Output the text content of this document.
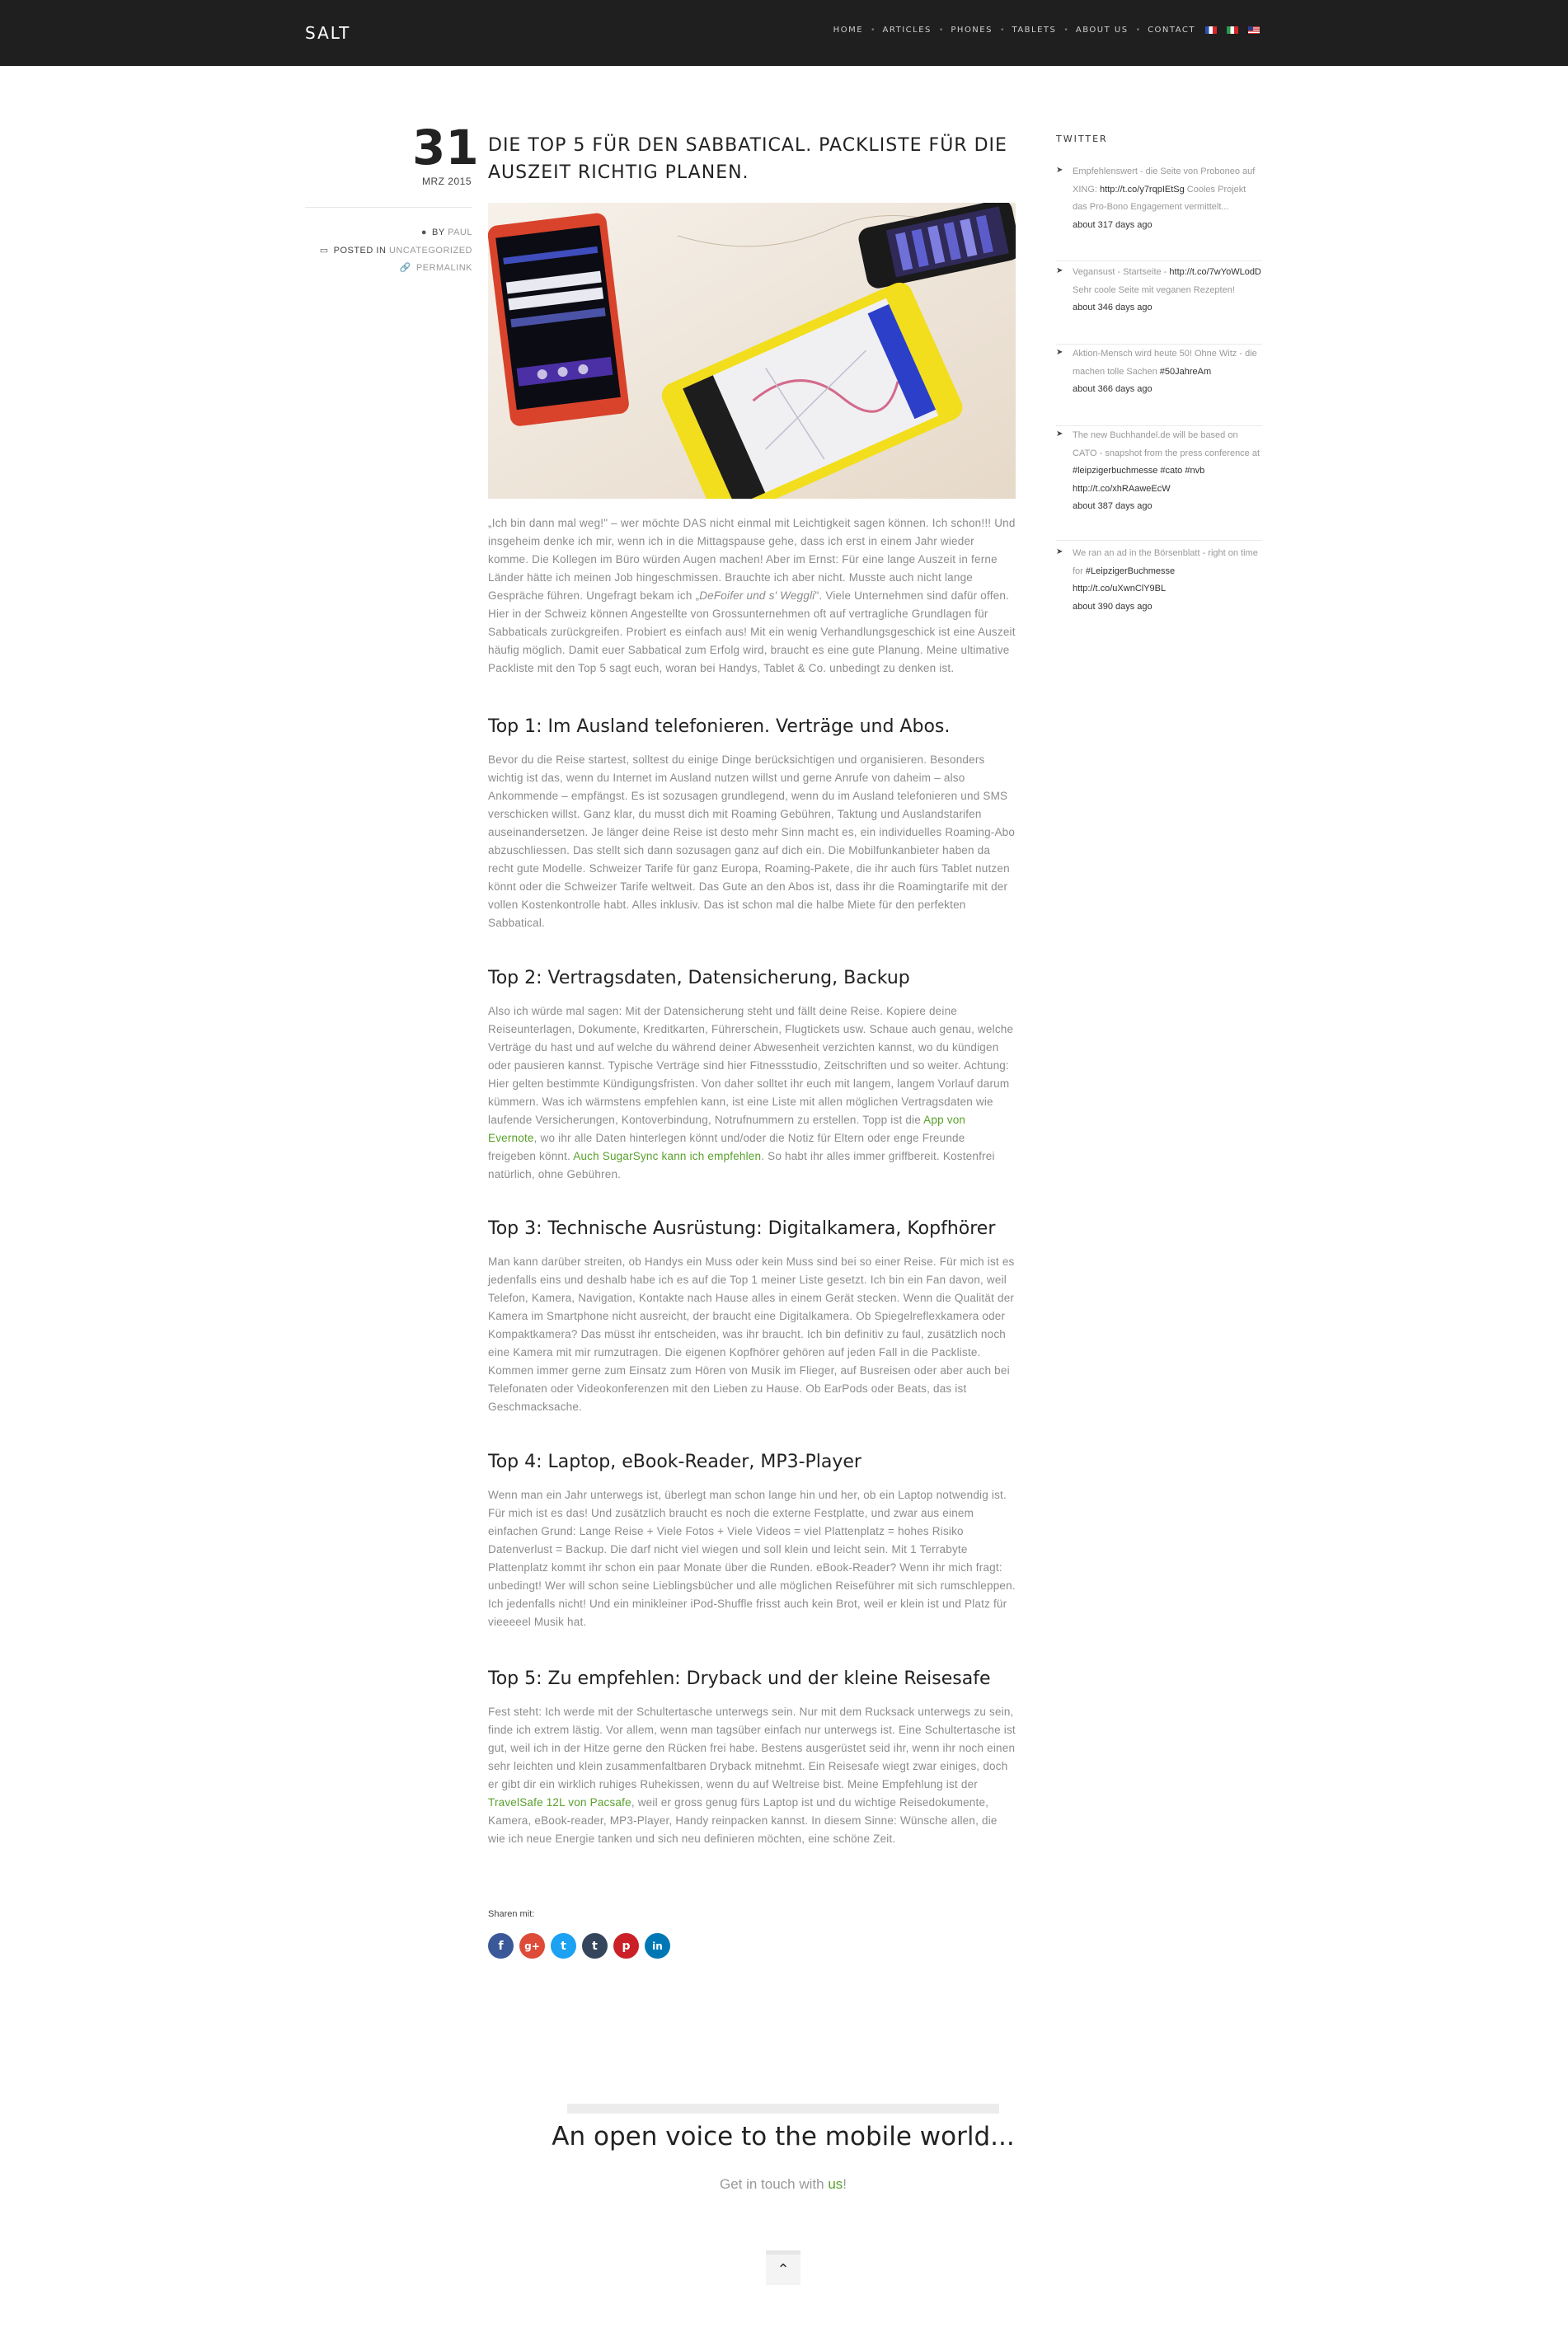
SALT	HOME • ARTICLES • PHONES • TABLETS • ABOUT US • CONTACT
31
MRZ 2015
● BY PAUL
▭ POSTED IN UNCATEGORIZED
🔗 PERMALINK
DIE TOP 5 FÜR DEN SABBATICAL. PACKLISTE FÜR DIE AUSZEIT RICHTIG PLANEN.

„Ich bin dann mal weg!" – wer möchte DAS nicht einmal mit Leichtigkeit sagen können. Ich schon!!! Und insgeheim denke ich mir, wenn ich in die Mittagspause gehe, dass ich erst in einem Jahr wieder komme. Die Kollegen im Büro würden Augen machen! Aber im Ernst: Für eine lange Auszeit in ferne Länder hätte ich meinen Job hingeschmissen. Brauchte ich aber nicht. Musste auch nicht lange Gespräche führen. Ungefragt bekam ich „DeFoifer und s' Weggli". Viele Unternehmen sind dafür offen. Hier in der Schweiz können Angestellte von Grossunternehmen oft auf vertragliche Grundlagen für Sabbaticals zurückgreifen. Probiert es einfach aus! Mit ein wenig Verhandlungsgeschick ist eine Auszeit häufig möglich. Damit euer Sabbatical zum Erfolg wird, braucht es eine gute Planung. Meine ultimative Packliste mit den Top 5 sagt euch, woran bei Handys, Tablet & Co. unbedingt zu denken ist.

Top 1: Im Ausland telefonieren. Verträge und Abos.

Bevor du die Reise startest, solltest du einige Dinge berücksichtigen und organisieren. Besonders wichtig ist das, wenn du Internet im Ausland nutzen willst und gerne Anrufe von daheim – also Ankommende – empfängst. Es ist sozusagen grundlegend, wenn du im Ausland telefonieren und SMS verschicken willst. Ganz klar, du musst dich mit Roaming Gebühren, Taktung und Auslandstarifen auseinandersetzen. Je länger deine Reise ist desto mehr Sinn macht es, ein individuelles Roaming-Abo abzuschliessen. Das stellt sich dann sozusagen ganz auf dich ein. Die Mobilfunkanbieter haben da recht gute Modelle. Schweizer Tarife für ganz Europa, Roaming-Pakete, die ihr auch fürs Tablet nutzen könnt oder die Schweizer Tarife weltweit. Das Gute an den Abos ist, dass ihr die Roamingtarife mit der vollen Kostenkontrolle habt. Alles inklusiv. Das ist schon mal die halbe Miete für den perfekten Sabbatical.

Top 2: Vertragsdaten, Datensicherung, Backup

Also ich würde mal sagen: Mit der Datensicherung steht und fällt deine Reise. Kopiere deine Reiseunterlagen, Dokumente, Kreditkarten, Führerschein, Flugtickets usw. Schaue auch genau, welche Verträge du hast und auf welche du während deiner Abwesenheit verzichten kannst, wo du kündigen oder pausieren kannst. Typische Verträge sind hier Fitnessstudio, Zeitschriften und so weiter. Achtung: Hier gelten bestimmte Kündigungsfristen. Von daher solltet ihr euch mit langem, langem Vorlauf darum kümmern. Was ich wärmstens empfehlen kann, ist eine Liste mit allen möglichen Vertragsdaten wie laufende Versicherungen, Kontoverbindung, Notrufnummern zu erstellen. Topp ist die App von Evernote, wo ihr alle Daten hinterlegen könnt und/oder die Notiz für Eltern oder enge Freunde freigeben könnt. Auch SugarSync kann ich empfehlen. So habt ihr alles immer griffbereit. Kostenfrei natürlich, ohne Gebühren.

Top 3: Technische Ausrüstung: Digitalkamera, Kopfhörer

Man kann darüber streiten, ob Handys ein Muss oder kein Muss sind bei so einer Reise. Für mich ist es jedenfalls eins und deshalb habe ich es auf die Top 1 meiner Liste gesetzt. Ich bin ein Fan davon, weil Telefon, Kamera, Navigation, Kontakte nach Hause alles in einem Gerät stecken. Wenn die Qualität der Kamera im Smartphone nicht ausreicht, der braucht eine Digitalkamera. Ob Spiegelreflexkamera oder Kompaktkamera? Das müsst ihr entscheiden, was ihr braucht. Ich bin definitiv zu faul, zusätzlich noch eine Kamera mit mir rumzutragen. Die eigenen Kopfhörer gehören auf jeden Fall in die Packliste. Kommen immer gerne zum Einsatz zum Hören von Musik im Flieger, auf Busreisen oder aber auch bei Telefonaten oder Videokonferenzen mit den Lieben zu Hause. Ob EarPods oder Beats, das ist Geschmacksache.

Top 4: Laptop, eBook-Reader, MP3-Player

Wenn man ein Jahr unterwegs ist, überlegt man schon lange hin und her, ob ein Laptop notwendig ist. Für mich ist es das! Und zusätzlich braucht es noch die externe Festplatte, und zwar aus einem einfachen Grund: Lange Reise + Viele Fotos + Viele Videos = viel Plattenplatz = hohes Risiko Datenverlust = Backup. Die darf nicht viel wiegen und soll klein und leicht sein. Mit 1 Terrabyte Plattenplatz kommt ihr schon ein paar Monate über die Runden. eBook-Reader? Wenn ihr mich fragt: unbedingt! Wer will schon seine Lieblingsbücher und alle möglichen Reiseführer mit sich rumschleppen. Ich jedenfalls nicht! Und ein minikleiner iPod-Shuffle frisst auch kein Brot, weil er klein ist und Platz für vieeeeel Musik hat.

Top 5: Zu empfehlen: Dryback und der kleine Reisesafe

Fest steht: Ich werde mit der Schultertasche unterwegs sein. Nur mit dem Rucksack unterwegs zu sein, finde ich extrem lästig. Vor allem, wenn man tagsüber einfach nur unterwegs ist. Eine Schultertasche ist gut, weil ich in der Hitze gerne den Rücken frei habe. Bestens ausgerüstet seid ihr, wenn ihr noch einen sehr leichten und klein zusammenfaltbaren Dryback mitnehmt. Ein Reisesafe wiegt zwar einiges, doch er gibt dir ein wirklich ruhiges Ruhekissen, wenn du auf Weltreise bist. Meine Empfehlung ist der TravelSafe 12L von Pacsafe, weil er gross genug fürs Laptop ist und du wichtige Reisedokumente, Kamera, eBook-reader, MP3-Player, Handy reinpacken kannst. In diesem Sinne: Wünsche allen, die wie ich neue Energie tanken und sich neu definieren möchten, eine schöne Zeit.

Sharen mit:
f	g+	t	t	p	in
TWITTER
➤ Empfehlenswert - die Seite von Proboneo auf XING: http://t.co/y7rqpIEtSg Cooles Projekt das Pro-Bono Engagement vermittelt...
about 317 days ago
➤ Vegansust - Startseite - http://t.co/7wYoWLodD Sehr coole Seite mit veganen Rezepten!
about 346 days ago
➤ Aktion-Mensch wird heute 50! Ohne Witz - die machen tolle Sachen #50JahreAm
about 366 days ago
➤ The new Buchhandel.de will be based on CATO - snapshot from the press conference at #leipzigerbuchmesse #cato #nvb http://t.co/xhRAaweEcW
about 387 days ago
➤ We ran an ad in the Börsenblatt - right on time for #LeipzigerBuchmesse http://t.co/uXwnClY9BL
about 390 days ago
An open voice to the mobile world...
Get in touch with us!
⌃
